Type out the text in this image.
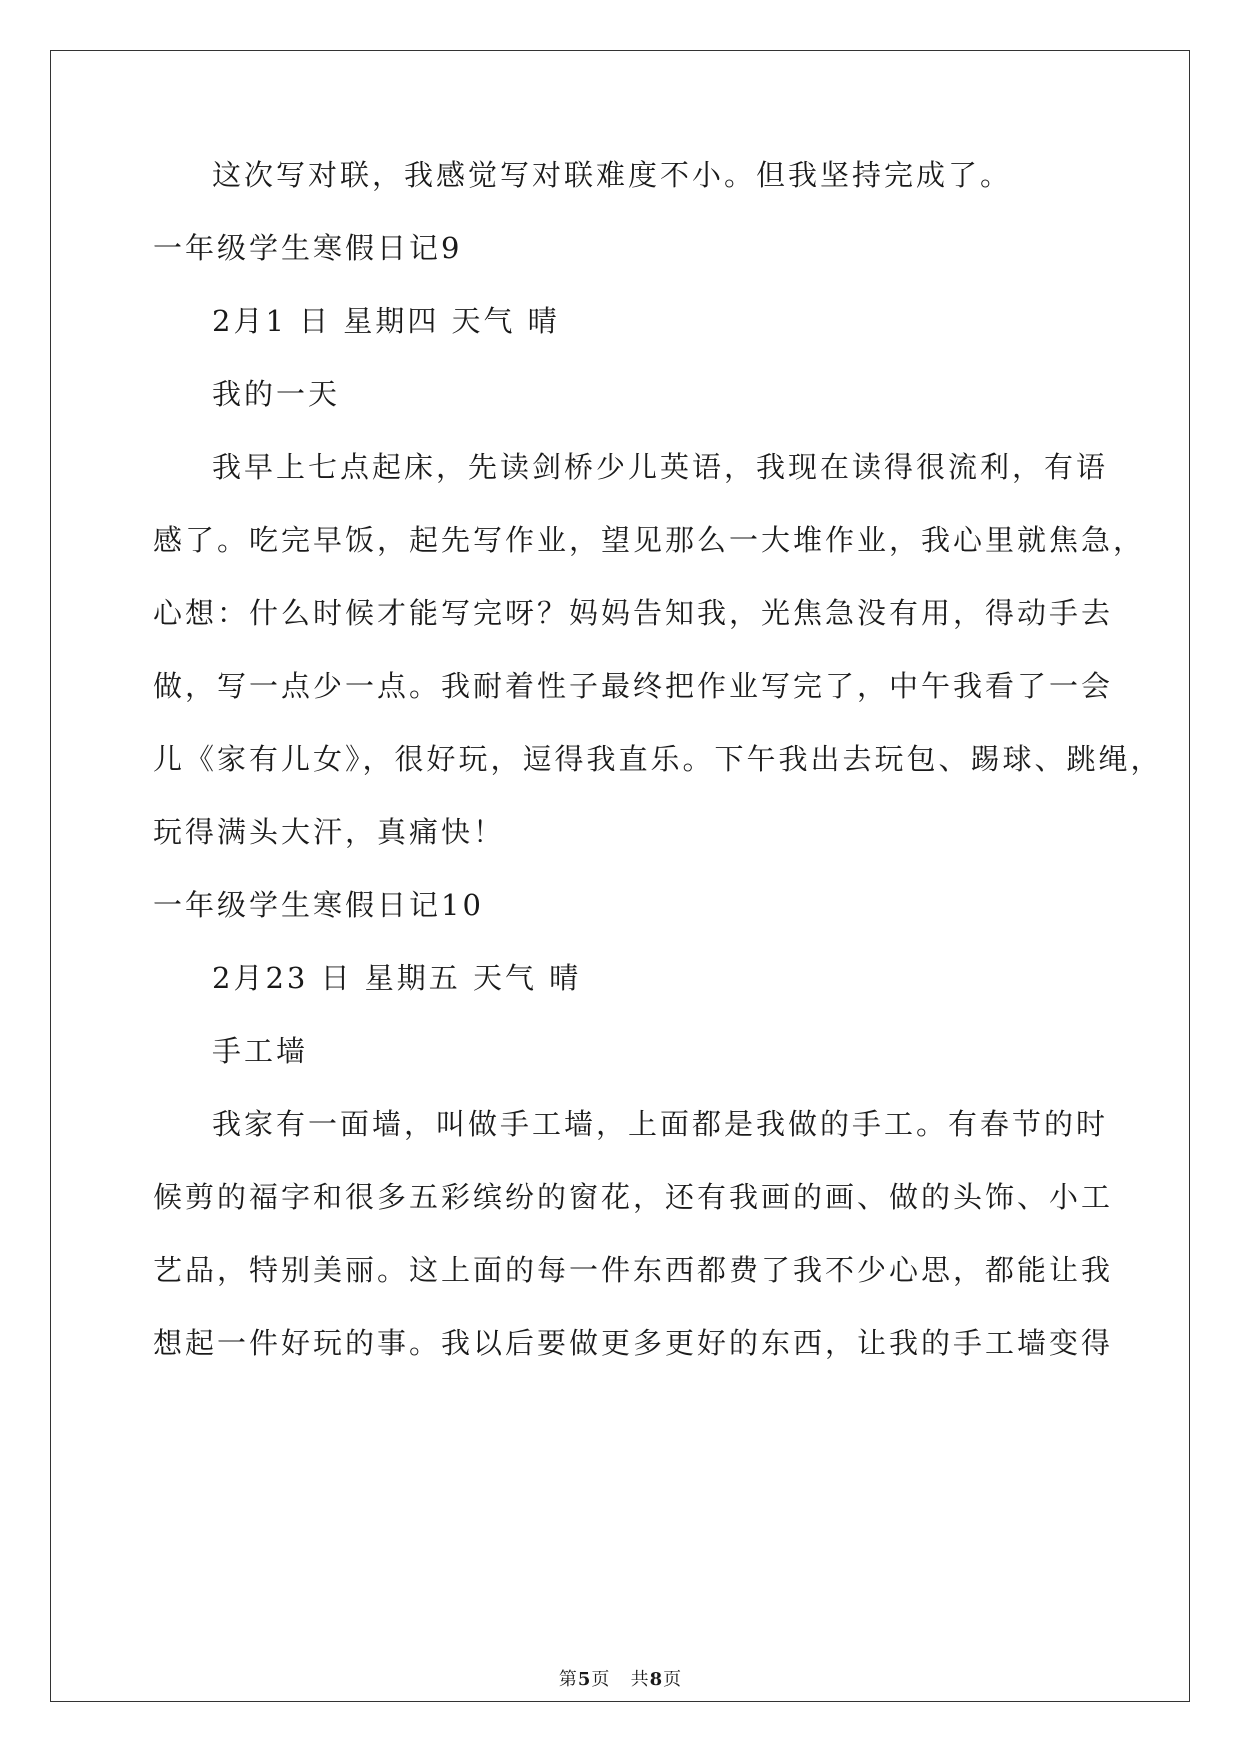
这次写对联，我感觉写对联难度不小。但我坚持完成了。
一年级学生寒假日记9
2月1 日 星期四 天气 晴
我的一天
我早上七点起床，先读剑桥少儿英语，我现在读得很流利，有语
感了。吃完早饭，起先写作业，望见那么一大堆作业，我心里就焦急，
心想：什么时候才能写完呀？妈妈告知我，光焦急没有用，得动手去
做，写一点少一点。我耐着性子最终把作业写完了，中午我看了一会
儿《家有儿女》，很好玩，逗得我直乐。下午我出去玩包、踢球、跳绳，
玩得满头大汗，真痛快！
一年级学生寒假日记10
2月23 日 星期五 天气 晴
手工墙
我家有一面墙，叫做手工墙，上面都是我做的手工。有春节的时
候剪的福字和很多五彩缤纷的窗花，还有我画的画、做的头饰、小工
艺品，特别美丽。这上面的每一件东西都费了我不少心思，都能让我
想起一件好玩的事。我以后要做更多更好的东西，让我的手工墙变得
第5页 共8页
